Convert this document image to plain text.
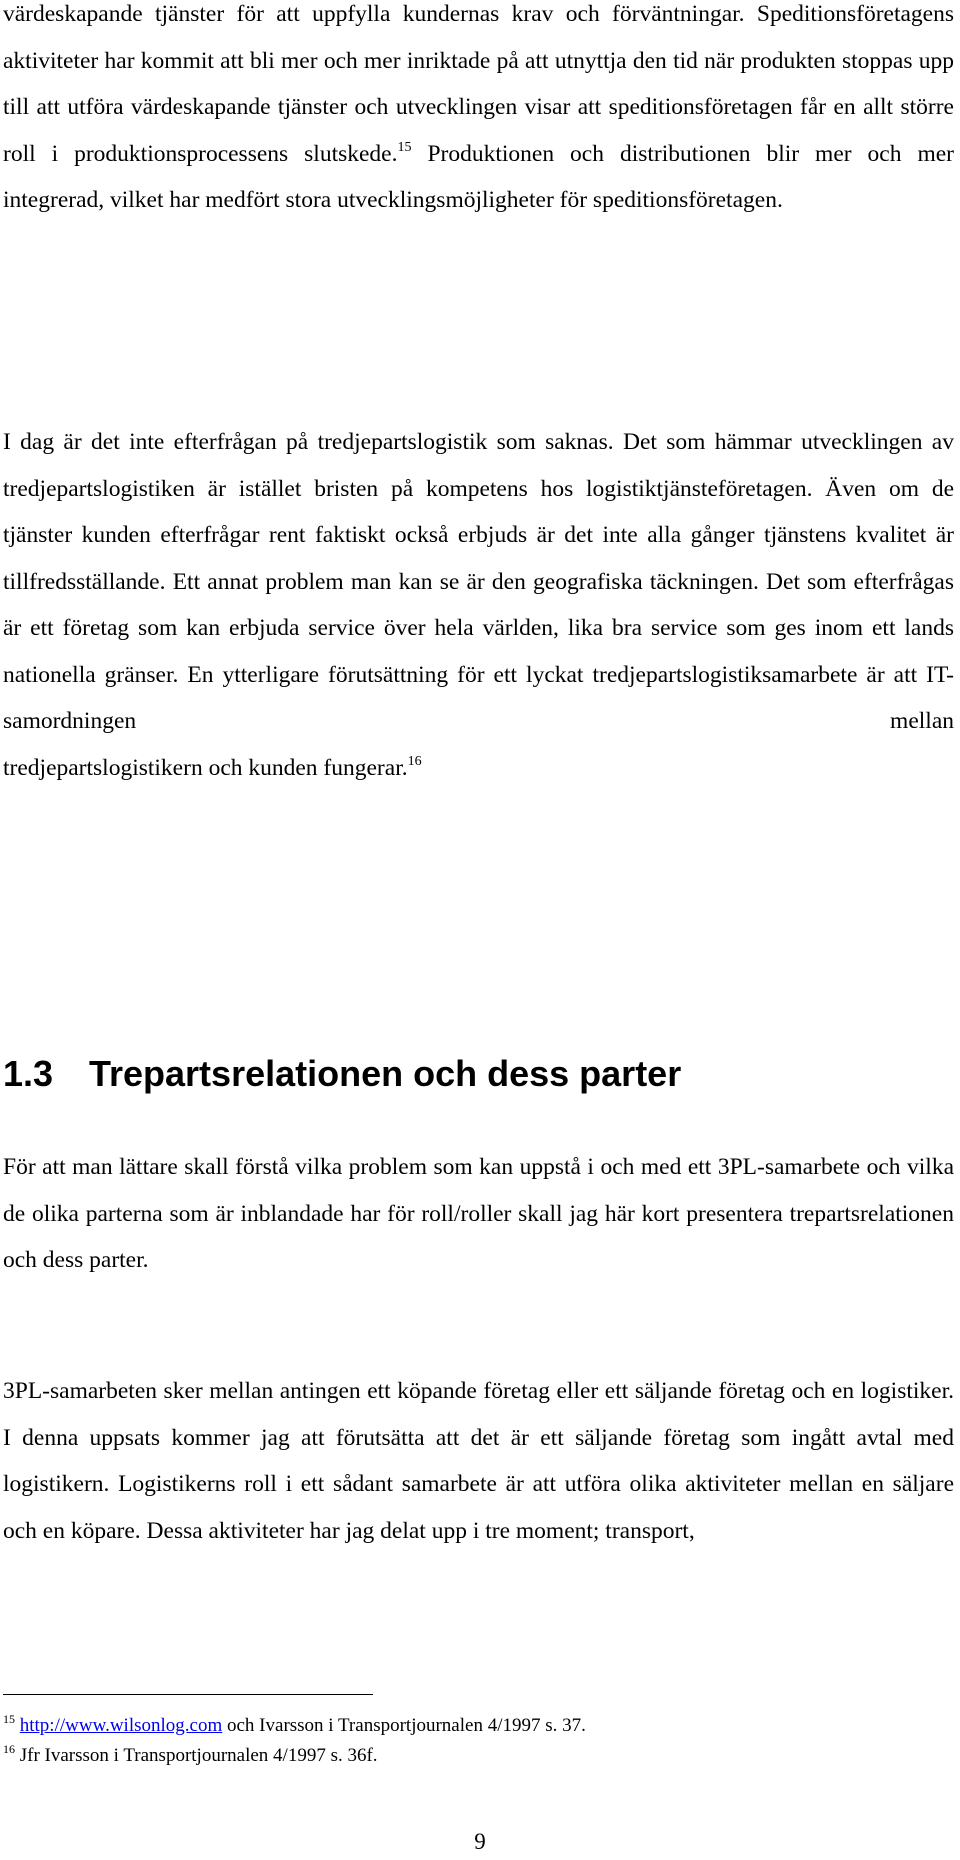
värdeskapande tjänster för att uppfylla kundernas krav och förväntningar. Speditionsföretagens aktiviteter har kommit att bli mer och mer inriktade på att utnyttja den tid när produkten stoppas upp till att utföra värdeskapande tjänster och utvecklingen visar att speditionsföretagen får en allt större roll i produktionsprocessens slutskede.$^{15}$ Produktionen och distributionen blir mer och mer integrerad, vilket har medfört stora utvecklingsmöjligheter för speditionsföretagen.

I dag är det inte efterfrågan på tredjepartslogistik som saknas. Det som hämmar utvecklingen av tredjepartslogistiken är istället bristen på kompetens hos logistiktjänsteföretagen. Även om de tjänster kunden efterfrågar rent faktiskt också erbjuds är det inte alla gånger tjänstens kvalitet är tillfredsställande. Ett annat problem man kan se är den geografiska täckningen. Det som efterfrågas är ett företag som kan erbjuda service över hela världen, lika bra service som ges inom ett lands nationella gränser. En ytterligare förutsättning för ett lyckat tredjepartslogistiksamarbete är att IT-samordningen mellan
tredjepartslogistikern och kunden fungerar.$^{16}$

1.3 Trepartsrelationen och dess parter

För att man lättare skall förstå vilka problem som kan uppstå i och med ett 3PL-samarbete och vilka de olika parterna som är inblandade har för roll/roller skall jag här kort presentera trepartsrelationen och dess parter.

3PL-samarbeten sker mellan antingen ett köpande företag eller ett säljande företag och en logistiker. I denna uppsats kommer jag att förutsätta att det är ett säljande företag som ingått avtal med logistikern. Logistikerns roll i ett sådant samarbete är att utföra olika aktiviteter mellan en säljare och en köpare. Dessa aktiviteter har jag delat upp i tre moment; transport,

$^{15}$ http://www.wilsonlog.com och Ivarsson i Transportjournalen 4/1997 s. 37.
$^{16}$ Jfr Ivarsson i Transportjournalen 4/1997 s. 36f.
9
